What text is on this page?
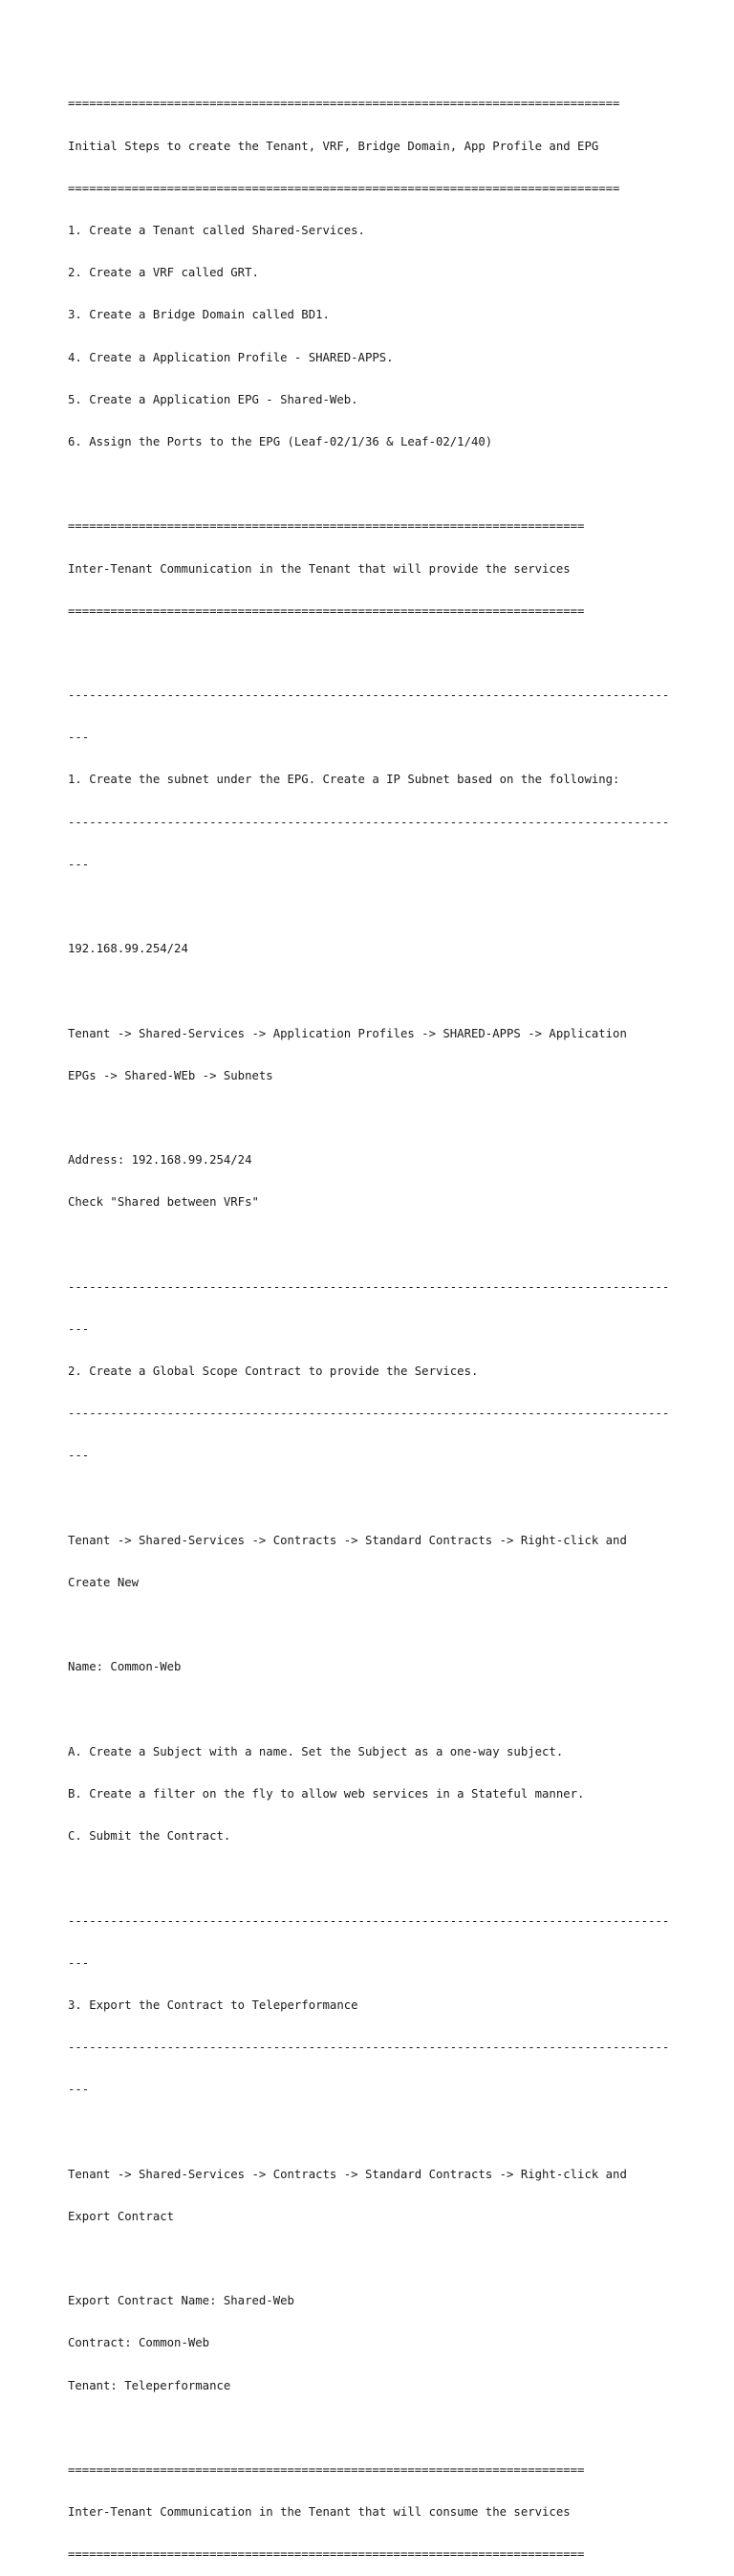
==============================================================================

Initial Steps to create the Tenant, VRF, Bridge Domain, App Profile and EPG

==============================================================================

1. Create a Tenant called Shared-Services.

2. Create a VRF called GRT.

3. Create a Bridge Domain called BD1.

4. Create a Application Profile - SHARED-APPS.

5. Create a Application EPG - Shared-Web.

6. Assign the Ports to the EPG (Leaf-02/1/36 & Leaf-02/1/40)

=========================================================================

Inter-Tenant Communication in the Tenant that will provide the services

=========================================================================

-------------------------------------------------------------------------------------

---

1. Create the subnet under the EPG. Create a IP Subnet based on the following:

-------------------------------------------------------------------------------------

---

192.168.99.254/24

Tenant -> Shared-Services -> Application Profiles -> SHARED-APPS -> Application

EPGs -> Shared-WEb -> Subnets

Address: 192.168.99.254/24

Check "Shared between VRFs"

-------------------------------------------------------------------------------------

---

2. Create a Global Scope Contract to provide the Services.

-------------------------------------------------------------------------------------

---

Tenant -> Shared-Services -> Contracts -> Standard Contracts -> Right-click and

Create New

Name: Common-Web

A. Create a Subject with a name. Set the Subject as a one-way subject.

B. Create a filter on the fly to allow web services in a Stateful manner.

C. Submit the Contract.

-------------------------------------------------------------------------------------

---

3. Export the Contract to Teleperformance

-------------------------------------------------------------------------------------

---

Tenant -> Shared-Services -> Contracts -> Standard Contracts -> Right-click and

Export Contract

Export Contract Name: Shared-Web

Contract: Common-Web

Tenant: Teleperformance

=========================================================================

Inter-Tenant Communication in the Tenant that will consume the services

=========================================================================
